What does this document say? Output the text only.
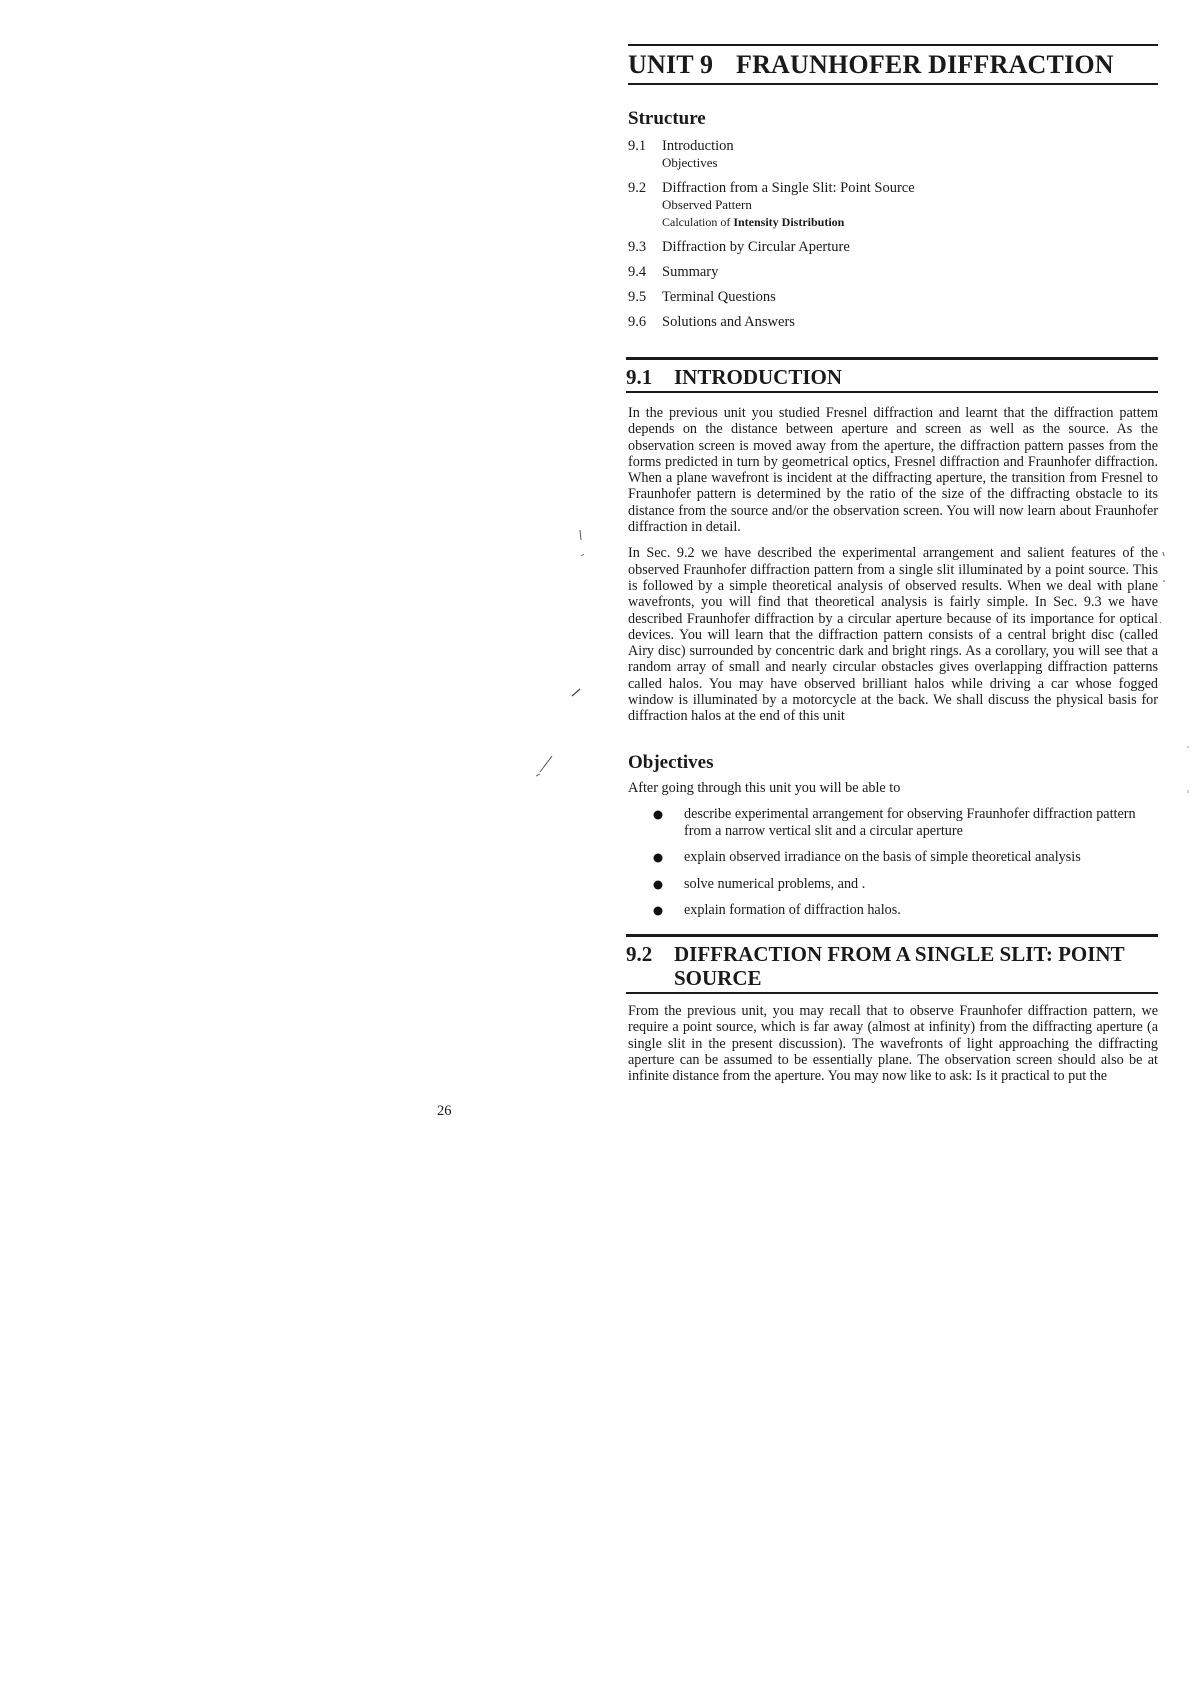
UNIT 9 FRAUNHOFER DIFFRACTION
Structure
9.1	Introduction
Objectives
9.2	Diffraction from a Single Slit: Point Source
Observed Pattern
Calculation of Intensity Distribution
9.3	Diffraction by Circular Aperture
9.4	Summary
9.5	Terminal Questions
9.6	Solutions and Answers
9.1	INTRODUCTION

In the previous unit you studied Fresnel diffraction and learnt that the diffraction pattem depends on the distance between aperture and screen as well as the source. As the observation screen is moved away from the aperture, the diffraction pattern passes from the forms predicted in turn by geometrical optics, Fresnel diffraction and Fraunhofer diffraction. When a plane wavefront is incident at the diffracting aperture, the transition from Fresnel to Fraunhofer pattern is determined by the ratio of the size of the diffracting obstacle to its distance from the source and/or the observation screen. You will now learn about Fraunhofer diffraction in detail.

In Sec. 9.2 we have described the experimental arrangement and salient features of the observed Fraunhofer diffraction pattern from a single slit illuminated by a point source. This is followed by a simple theoretical analysis of observed results. When we deal with plane wavefronts, you will find that theoretical analysis is fairly simple. In Sec. 9.3 we have described Fraunhofer diffraction by a circular aperture because of its importance for optical devices. You will learn that the diffraction pattern consists of a central bright disc (called Airy disc) surrounded by concentric dark and bright rings. As a corollary, you will see that a random array of small and nearly circular obstacles gives overlapping diffraction patterns called halos. You may have observed brilliant halos while driving a car whose fogged window is illuminated by a motorcycle at the back. We shall discuss the physical basis for diffraction halos at the end of this unit

Objectives
After going through this unit you will be able to
describe experimental arrangement for observing Fraunhofer diffraction pattern from a narrow vertical slit and a circular aperture
explain observed irradiance on the basis of simple theoretical analysis
solve numerical problems, and .
explain formation of diffraction halos.
9.2	DIFFRACTION FROM A SINGLE SLIT: POINT
SOURCE

From the previous unit, you may recall that to observe Fraunhofer diffraction pattern, we require a point source, which is far away (almost at infinity) from the diffracting aperture (a single slit in the present discussion). The wavefronts of light approaching the diffracting aperture can be assumed to be essentially plane. The observation screen should also be at infinite distance from the aperture. You may now like to ask: Is it practical to put the

26
